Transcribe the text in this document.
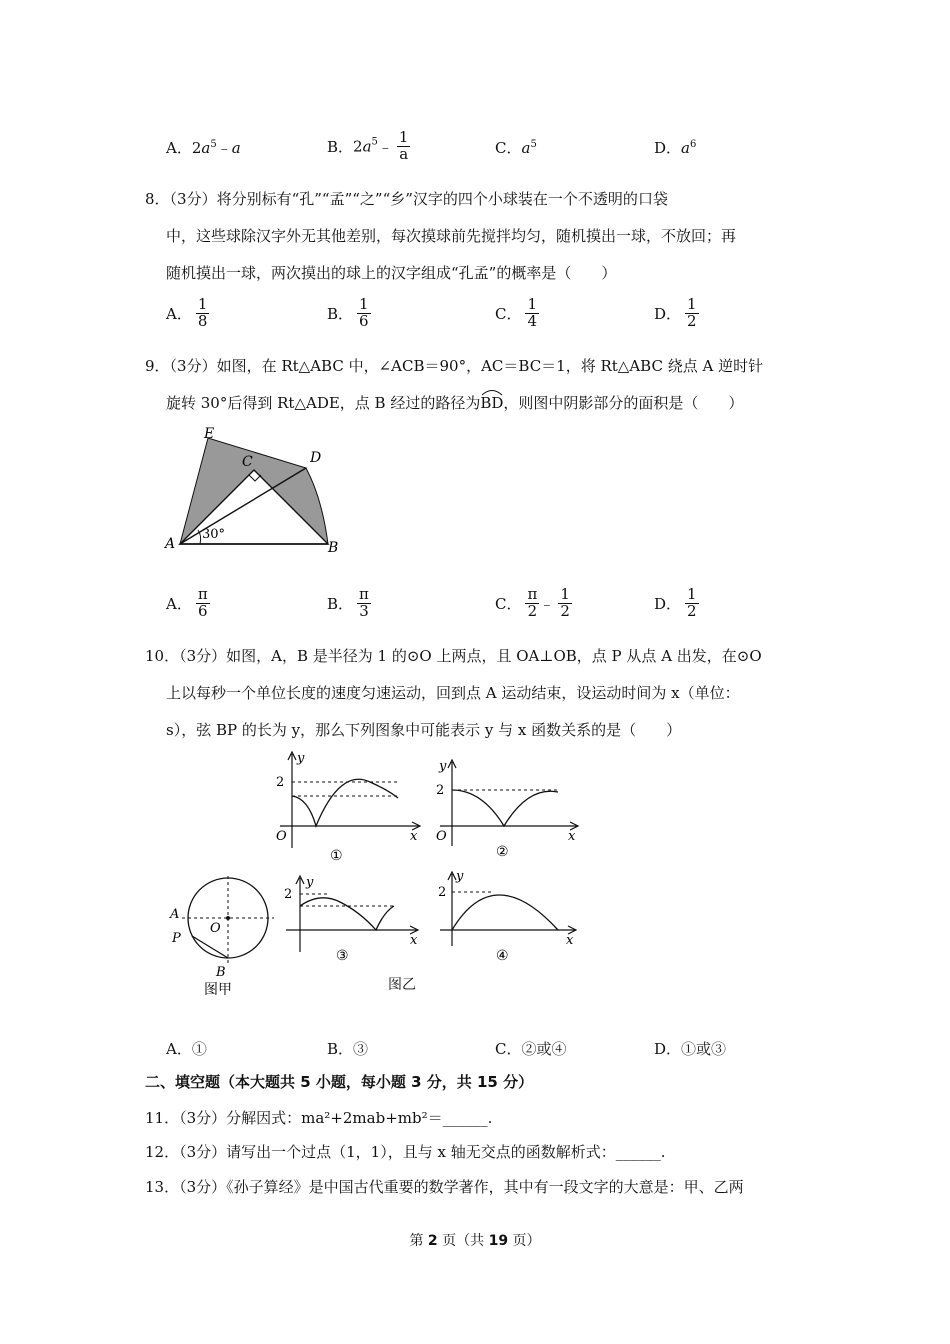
A．$2a^5﹣a$	B．$2a^5﹣ \frac{1}{a}$	C．$a^5$	D．$a^6$
8．（3分）将分别标有“孔”“孟”“之”“乡”汉字的四个小球装在一个不透明的口袋
中，这些球除汉字外无其他差别，每次摸球前先搅拌均匀，随机摸出一球，不放回；再
随机摸出一球，两次摸出的球上的汉字组成“孔孟”的概率是（　　）
A． $\frac{1}{8}$	B． $\frac{1}{6}$	C． $\frac{1}{4}$	D． $\frac{1}{2}$
9．（3分）如图，在 Rt△ABC 中，∠ACB＝90°，AC＝BC＝1，将 Rt△ABC 绕点 A 逆时针
旋转 30°后得到 Rt△ADE，点 B 经过的路径为
BD，则图中阴影部分的面积是（　　）
E
C	D
A	B
30°
A． $\frac{\pi}{6}$	B． $\frac{\pi}{3}$	C． $\frac{\pi}{2}$ ﹣ $\frac{1}{2}$	D． $\frac{1}{2}$
10．（3分）如图，A，B 是半径为 1 的⊙O 上两点，且 OA⊥OB，点 P 从点 A 出发，在⊙O
上以每秒一个单位长度的速度匀速运动，回到点 A 运动结束，设运动时间为 x（单位：
s），弦 BP 的长为 y，那么下列图象中可能表示 y 与 x 函数关系的是（　　）
y
2
O	x
①
y
2
O	x
②
A
P
O
B
图甲
y
2
x
③
y
2
x
④
图乙
A．①	B．③	C．②或④	D．①或③
二、填空题（本大题共 5 小题，每小题 3 分，共 15 分）
11．（3分）分解因式：ma²+2mab+mb²＝______.
12．（3分）请写出一个过点（1，1），且与 x 轴无交点的函数解析式：______.
13．（3分）《孙子算经》是中国古代重要的数学著作，其中有一段文字的大意是：甲、乙两
第 2 页（共 19 页）
